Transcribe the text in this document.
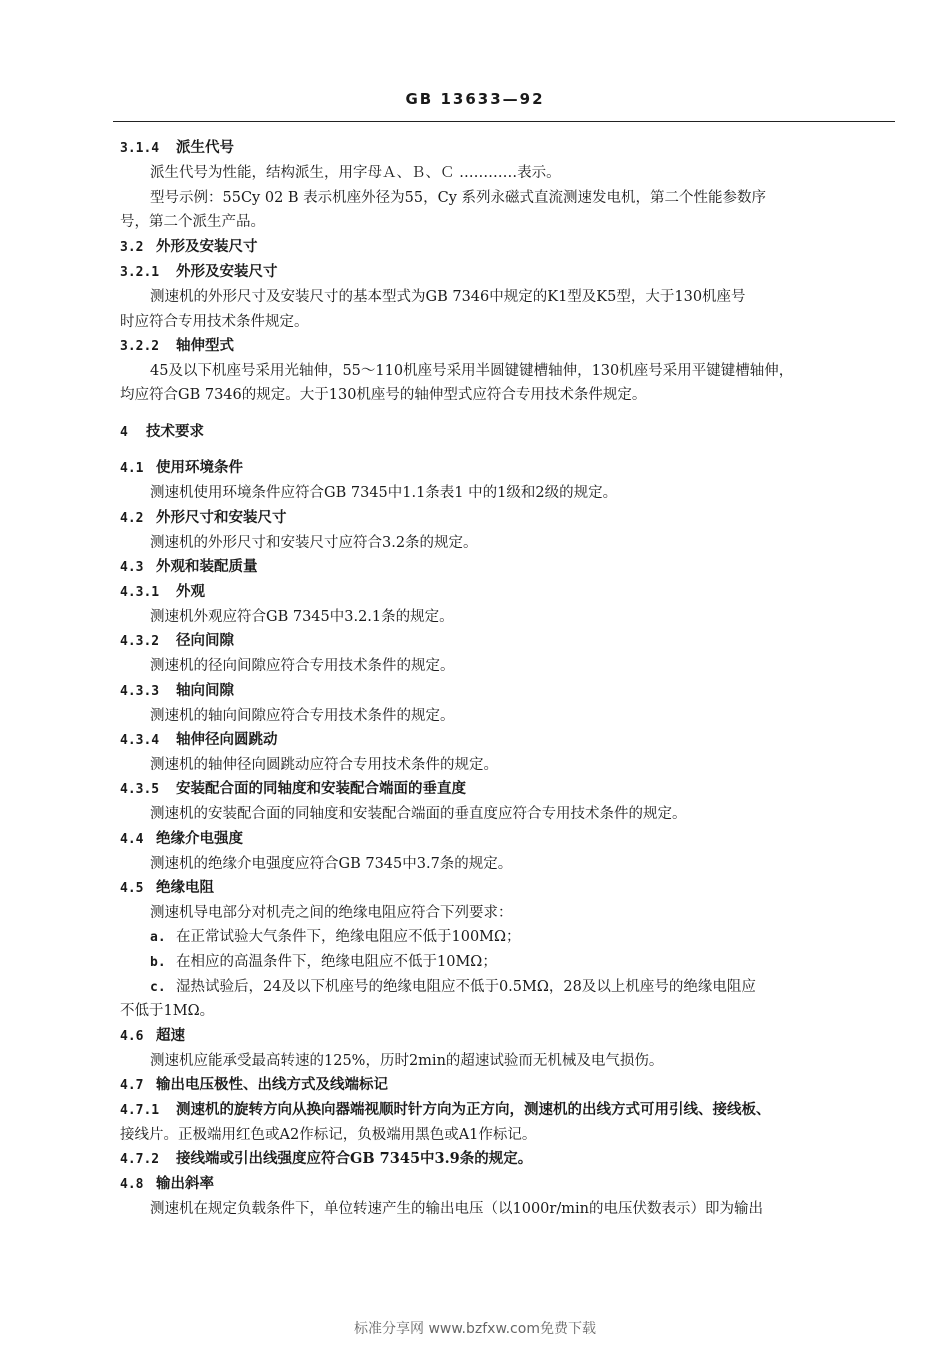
GB 13633—92
3.1.4 派生代号
派生代号为性能，结构派生，用字母Ａ、Ｂ、Ｃ …………表示。
型号示例：55Cy 02 B 表示机座外径为55，Cy 系列永磁式直流测速发电机，第二个性能参数序
号，第二个派生产品。
3.2 外形及安装尺寸
3.2.1 外形及安装尺寸
测速机的外形尺寸及安装尺寸的基本型式为GB 7346中规定的K1型及K5型，大于130机座号
时应符合专用技术条件规定。
3.2.2 轴伸型式
45及以下机座号采用光轴伸，55～110机座号采用半圆键键槽轴伸，130机座号采用平键键槽轴伸，
均应符合GB 7346的规定。大于130机座号的轴伸型式应符合专用技术条件规定。
4 技术要求
4.1 使用环境条件
测速机使用环境条件应符合GB 7345中1.1条表1 中的1级和2级的规定。
4.2 外形尺寸和安装尺寸
测速机的外形尺寸和安装尺寸应符合3.2条的规定。
4.3 外观和装配质量
4.3.1 外观
测速机外观应符合GB 7345中3.2.1条的规定。
4.3.2 径向间隙
测速机的径向间隙应符合专用技术条件的规定。
4.3.3 轴向间隙
测速机的轴向间隙应符合专用技术条件的规定。
4.3.4 轴伸径向圆跳动
测速机的轴伸径向圆跳动应符合专用技术条件的规定。
4.3.5 安装配合面的同轴度和安装配合端面的垂直度
测速机的安装配合面的同轴度和安装配合端面的垂直度应符合专用技术条件的规定。
4.4 绝缘介电强度
测速机的绝缘介电强度应符合GB 7345中3.7条的规定。
4.5 绝缘电阻
测速机导电部分对机壳之间的绝缘电阻应符合下列要求：
a. 在正常试验大气条件下，绝缘电阻应不低于100MΩ；
b. 在相应的高温条件下，绝缘电阻应不低于10MΩ；
c. 湿热试验后，24及以下机座号的绝缘电阻应不低于0.5MΩ，28及以上机座号的绝缘电阻应
不低于1MΩ。
4.6 超速
测速机应能承受最高转速的125%，历时2min的超速试验而无机械及电气损伤。
4.7 输出电压极性、出线方式及线端标记
4.7.1 测速机的旋转方向从换向器端视顺时针方向为正方向，测速机的出线方式可用引线、接线板、
接线片。正极端用红色或A2作标记，负极端用黑色或A1作标记。
4.7.2 接线端或引出线强度应符合GB 7345中3.9条的规定。
4.8 输出斜率
测速机在规定负载条件下，单位转速产生的输出电压（以1000r/min的电压伏数表示）即为输出
标准分享网 www.bzfxw.com免费下载
